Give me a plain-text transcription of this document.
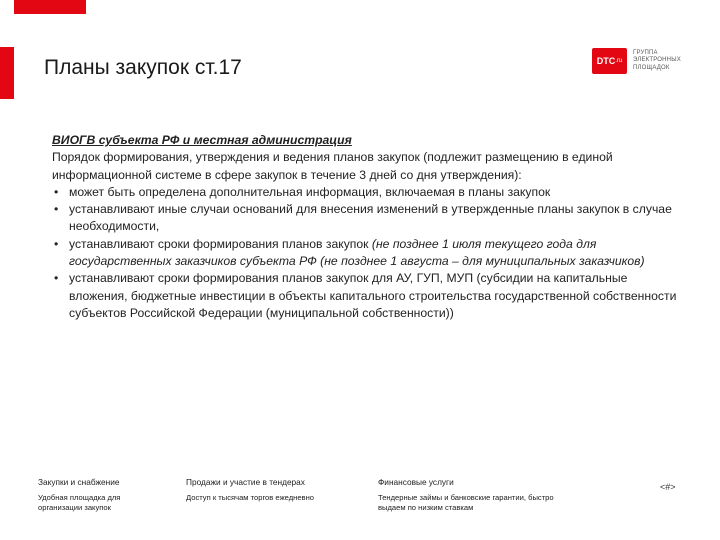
Планы закупок ст.17	DTC .ru
ГРУППА
ЭЛЕКТРОННЫХ
ПЛОЩАДОК
ВИОГВ субъекта РФ и местная администрация
Порядок формирования, утверждения и ведения планов закупок (подлежит размещению в единой информационной системе в сфере закупок в течение 3 дней со дня утверждения):
• может быть определена дополнительная информация, включаемая в планы закупок
• устанавливают иные случаи оснований для внесения изменений в утвержденные планы закупок в случае необходимости,
• устанавливают сроки формирования планов закупок (не позднее 1 июля текущего года для государственных заказчиков субъекта РФ (не позднее 1 августа – для муниципальных заказчиков)
• устанавливают сроки формирования планов закупок для АУ, ГУП, МУП (субсидии на капитальные вложения, бюджетные инвестиции в объекты капитального строительства государственной собственности субъектов Российской Федерации (муниципальной собственности))
Закупки и снабжение
Удобная площадка для организации закупок
Продажи и участие в тендерах
Доступ к тысячам торгов ежедневно
Финансовые услуги
Тендерные займы и банковские гарантии, быстро выдаем по низким ставкам
<#>
